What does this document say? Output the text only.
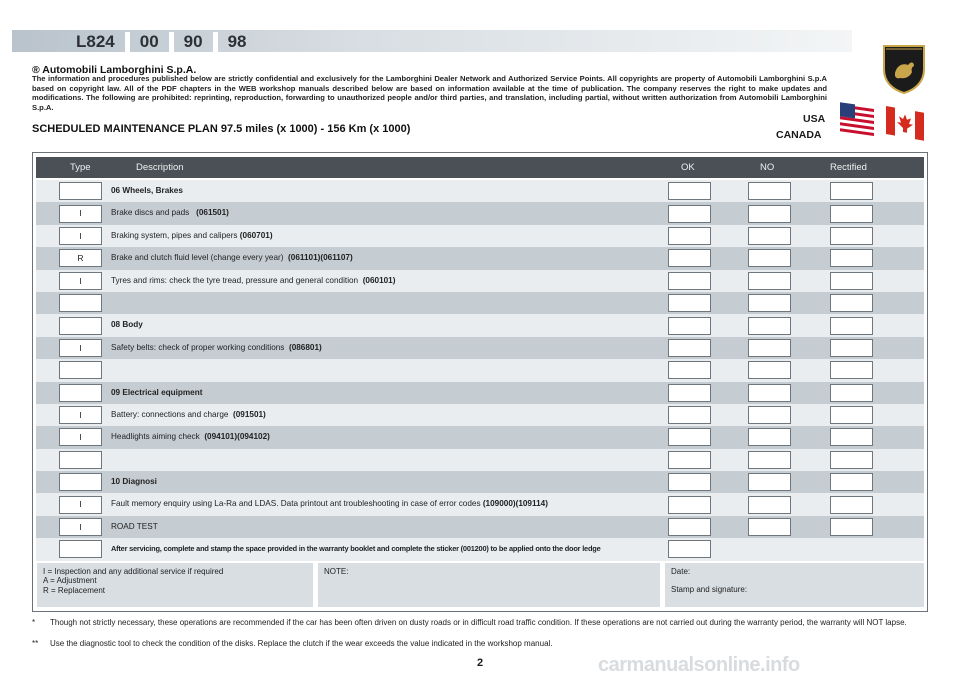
L824	00	90	98
® Automobili Lamborghini S.p.A.
The information and procedures published below are strictly confidential and exclusively for the Lamborghini Dealer Network and Authorized Service Points. All copyrights are property of Automobili Lamborghini S.p.A based on copyright law. All of the PDF chapters in the WEB workshop manuals described below are based on information available at the time of publication. The company reserves the right to make updates and modifications. The following are prohibited: reprinting, reproduction, forwarding to unauthorized people and/or third parties, and translation, including partial, without written authorization from Automobili Lamborghini S.p.A.
SCHEDULED MAINTENANCE PLAN 97.5 miles (x 1000) - 156 Km (x 1000)
USA
CANADA
Type	Description	OK	NO	Rectified
06 Wheels, Brakes
I	Brake discs and pads (061501)
I	Braking system, pipes and calipers (060701)
R	Brake and clutch fluid level (change every year) (061101)(061107)
I	Tyres and rims: check the tyre tread, pressure and general condition (060101)
08 Body
I	Safety belts: check of proper working conditions (086801)
09 Electrical equipment
I	Battery: connections and charge (091501)
I	Headlights aiming check (094101)(094102)
10 Diagnosi
I	Fault memory enquiry using La-Ra and LDAS. Data printout ant troubleshooting in case of error codes (109000)(109114)
I	ROAD TEST
After servicing, complete and stamp the space provided in the warranty booklet and complete the sticker (001200) to be applied onto the door ledge
I = Inspection and any additional service if required
A = Adjustment
R = Replacement
NOTE:	Date:
Stamp and signature:
* Though not strictly necessary, these operations are recommended if the car has been often driven on dusty roads or in difficult road traffic condition. If these operations are not carried out during the warranty period, the warranty will NOT lapse.
** Use the diagnostic tool to check the condition of the disks. Replace the clutch if the wear exceeds the value indicated in the workshop manual.
2	carmanualsonline.info
